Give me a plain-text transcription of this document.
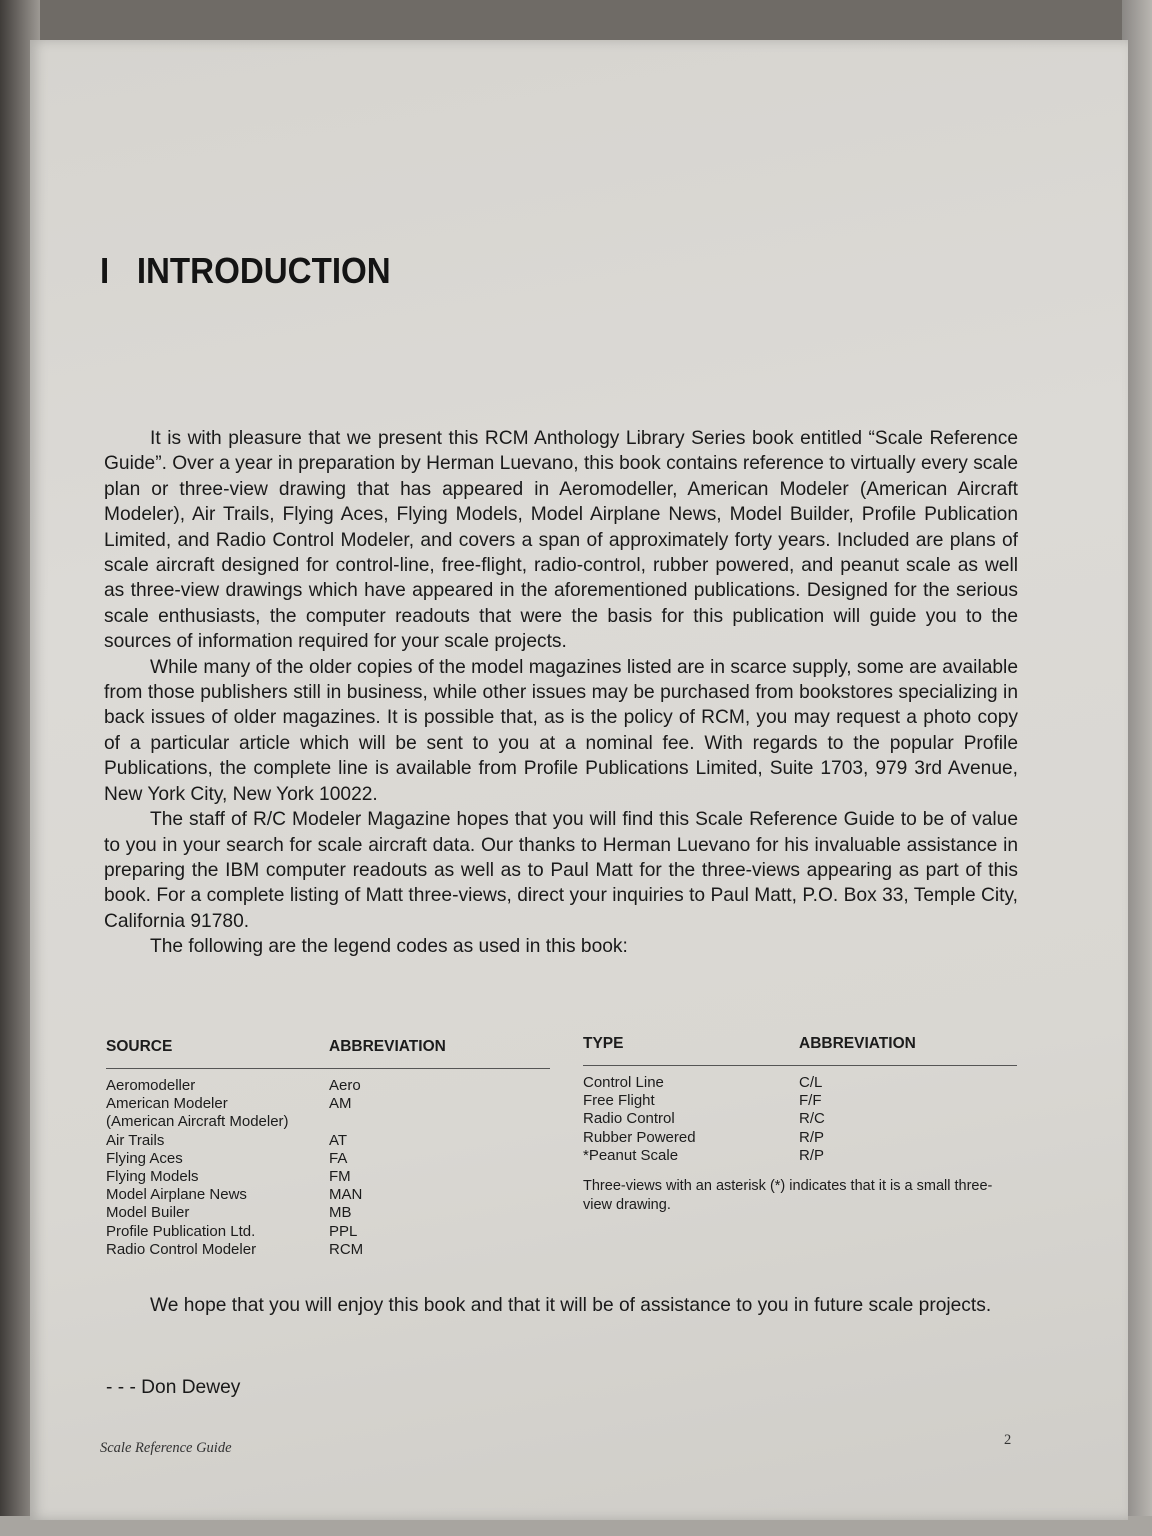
I INTRODUCTION

It is with pleasure that we present this RCM Anthology Library Series book entitled “Scale Reference Guide”. Over a year in preparation by Herman Luevano, this book contains reference to virtually every scale plan or three-view drawing that has appeared in Aeromodeller, American Modeler (American Aircraft Modeler), Air Trails, Flying Aces, Flying Models, Model Airplane News, Model Builder, Profile Publication Limited, and Radio Control Modeler, and covers a span of approximately forty years. Included are plans of scale aircraft designed for control-line, free-flight, radio-control, rubber powered, and peanut scale as well as three-view drawings which have appeared in the aforementioned publications. Designed for the serious scale enthusiasts, the computer readouts that were the basis for this publication will guide you to the sources of information required for your scale projects.

While many of the older copies of the model magazines listed are in scarce supply, some are available from those publishers still in business, while other issues may be purchased from bookstores specializing in back issues of older magazines. It is possible that, as is the policy of RCM, you may request a photo copy of a particular article which will be sent to you at a nominal fee. With regards to the popular Profile Publications, the complete line is available from Profile Publications Limited, Suite 1703, 979 3rd Avenue, New York City, New York 10022.

The staff of R/C Modeler Magazine hopes that you will find this Scale Reference Guide to be of value to you in your search for scale aircraft data. Our thanks to Herman Luevano for his invaluable assistance in preparing the IBM computer readouts as well as to Paul Matt for the three-views appearing as part of this book. For a complete listing of Matt three-views, direct your inquiries to Paul Matt, P.O. Box 33, Temple City, California 91780.

The following are the legend codes as used in this book:

SOURCE	ABBREVIATION
Aeromodeller	Aero
American Modeler	AM
(American Aircraft Modeler)
Air Trails	AT
Flying Aces	FA
Flying Models	FM
Model Airplane News	MAN
Model Builer	MB
Profile Publication Ltd.	PPL
Radio Control Modeler	RCM
TYPE	ABBREVIATION
Control Line	C/L
Free Flight	F/F
Radio Control	R/C
Rubber Powered	R/P
*Peanut Scale	R/P
Three-views with an asterisk (*) indicates that it is a small three-view drawing.

We hope that you will enjoy this book and that it will be of assistance to you in future scale projects.

- - - Don Dewey
Scale Reference Guide	2
